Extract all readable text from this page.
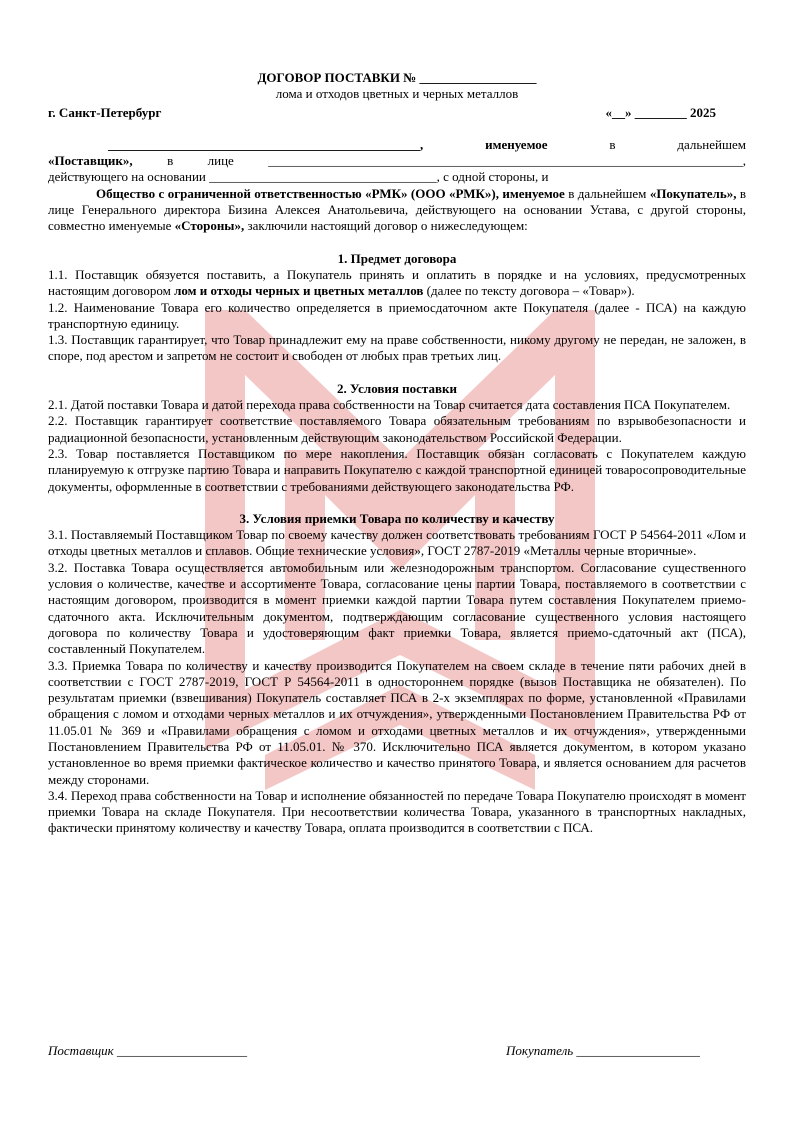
ДОГОВОР ПОСТАВКИ № __________________

лома и отходов цветных и черных металлов

г. Санкт-Петербург	«__» ________ 2025
________________________________________________,	именуемое	в	дальнейшем
«Поставщик»,	в	лице	_________________________________________________________________________,

действующего на основании ___________________________________, с одной стороны, и

Общество с ограниченной ответственностью «РМК» (ООО «РМК»), именуемое в дальнейшем «Покупатель», в лице Генерального директора Бизина Алексея Анатольевича, действующего на основании Устава, с другой стороны, совместно именуемые «Стороны», заключили настоящий договор о нижеследующем:

1. Предмет договора

1.1. Поставщик обязуется поставить, а Покупатель принять и оплатить в порядке и на условиях, предусмотренных настоящим договором лом и отходы черных и цветных металлов (далее по тексту договора – «Товар»).

1.2. Наименование Товара его количество определяется в приемосдаточном акте Покупателя (далее - ПСА) на каждую транспортную единицу.

1.3. Поставщик гарантирует, что Товар принадлежит ему на праве собственности, никому другому не передан, не заложен, в споре, под арестом и запретом не состоит и свободен от любых прав третьих лиц.

2. Условия поставки

2.1. Датой поставки Товара и датой перехода права собственности на Товар считается дата составления ПСА Покупателем.

2.2. Поставщик гарантирует соответствие поставляемого Товара обязательным требованиям по взрывобезопасности и радиационной безопасности, установленным действующим законодательством Российской Федерации.

2.3. Товар поставляется Поставщиком по мере накопления. Поставщик обязан согласовать с Покупателем каждую планируемую к отгрузке партию Товара и направить Покупателю с каждой транспортной единицей товаросопроводительные документы, оформленные в соответствии с требованиями действующего законодательства РФ.

3. Условия приемки Товара по количеству и качеству

3.1. Поставляемый Поставщиком Товар по своему качеству должен соответствовать требованиям ГОСТ Р 54564-2011 «Лом и отходы цветных металлов и сплавов. Общие технические условия», ГОСТ 2787-2019 «Металлы черные вторичные».

3.2. Поставка Товара осуществляется автомобильным или железнодорожным транспортом. Согласование существенного условия о количестве, качестве и ассортименте Товара, согласование цены партии Товара, поставляемого в соответствии с настоящим договором, производится в момент приемки каждой партии Товара путем составления Покупателем приемо-сдаточного акта. Исключительным документом, подтверждающим согласование существенного условия настоящего договора по количеству Товара и удостоверяющим факт приемки Товара, является приемо-сдаточный акт (ПСА), составленный Покупателем.

3.3. Приемка Товара по количеству и качеству производится Покупателем на своем складе в течение пяти рабочих дней в соответствии с ГОСТ 2787-2019, ГОСТ Р 54564-2011 в одностороннем порядке (вызов Поставщика не обязателен). По результатам приемки (взвешивания) Покупатель составляет ПСА в 2-х экземплярах по форме, установленной «Правилами обращения с ломом и отходами черных металлов и их отчуждения», утвержденными Постановлением Правительства РФ от 11.05.01 № 369 и «Правилами обращения с ломом и отходами цветных металлов и их отчуждения», утвержденными Постановлением Правительства РФ от 11.05.01. № 370. Исключительно ПСА является документом, в котором указано установленное во время приемки фактическое количество и качество принятого Товара, и является основанием для расчетов между сторонами.

3.4. Переход права собственности на Товар и исполнение обязанностей по передаче Товара Покупателю происходят в момент приемки Товара на складе Покупателя. При несоответствии количества Товара, указанного в транспортных накладных, фактически принятому количеству и качеству Товара, оплата производится в соответствии с ПСА.

Поставщик ____________________	Покупатель ___________________
